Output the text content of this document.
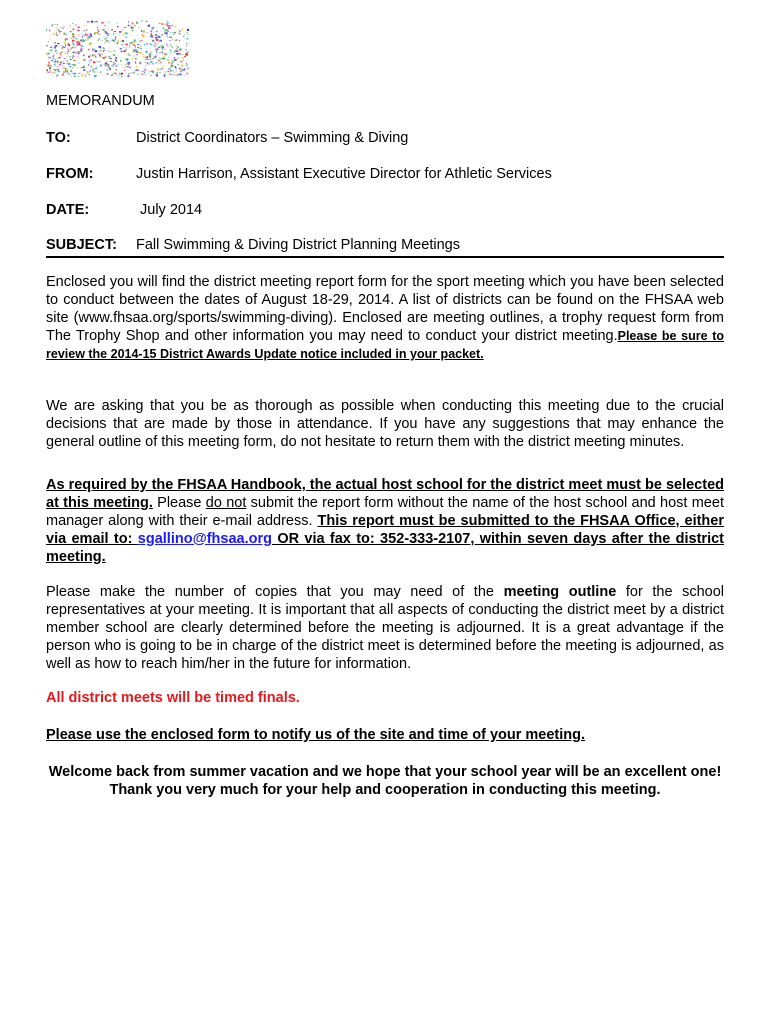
MEMORANDUM
TO:	District Coordinators – Swimming & Diving
FROM:	Justin Harrison, Assistant Executive Director for Athletic Services
DATE:	July 2014
SUBJECT: Fall Swimming & Diving District Planning Meetings
Enclosed you will find the district meeting report form for the sport meeting which you have been selected to conduct between the dates of August 18-29, 2014. A list of districts can be found on the FHSAA web site (www.fhsaa.org/sports/swimming-diving). Enclosed are meeting outlines, a trophy request form from The Trophy Shop and other information you may need to conduct your district meeting.Please be sure to review the 2014-15 District Awards Update notice included in your packet.
We are asking that you be as thorough as possible when conducting this meeting due to the crucial decisions that are made by those in attendance. If you have any suggestions that may enhance the general outline of this meeting form, do not hesitate to return them with the district meeting minutes.
As required by the FHSAA Handbook, the actual host school for the district meet must be selected at this meeting. Please do not submit the report form without the name of the host school and host meet manager along with their e-mail address. This report must be submitted to the FHSAA Office, either via email to: sgallino@fhsaa.org OR via fax to: 352-333-2107, within seven days after the district meeting.
Please make the number of copies that you may need of the meeting outline for the school representatives at your meeting. It is important that all aspects of conducting the district meet by a district member school are clearly determined before the meeting is adjourned. It is a great advantage if the person who is going to be in charge of the district meet is determined before the meeting is adjourned, as well as how to reach him/her in the future for information.
All district meets will be timed finals.
Please use the enclosed form to notify us of the site and time of your meeting.
Welcome back from summer vacation and we hope that your school year will be an excellent one! Thank you very much for your help and cooperation in conducting this meeting.
